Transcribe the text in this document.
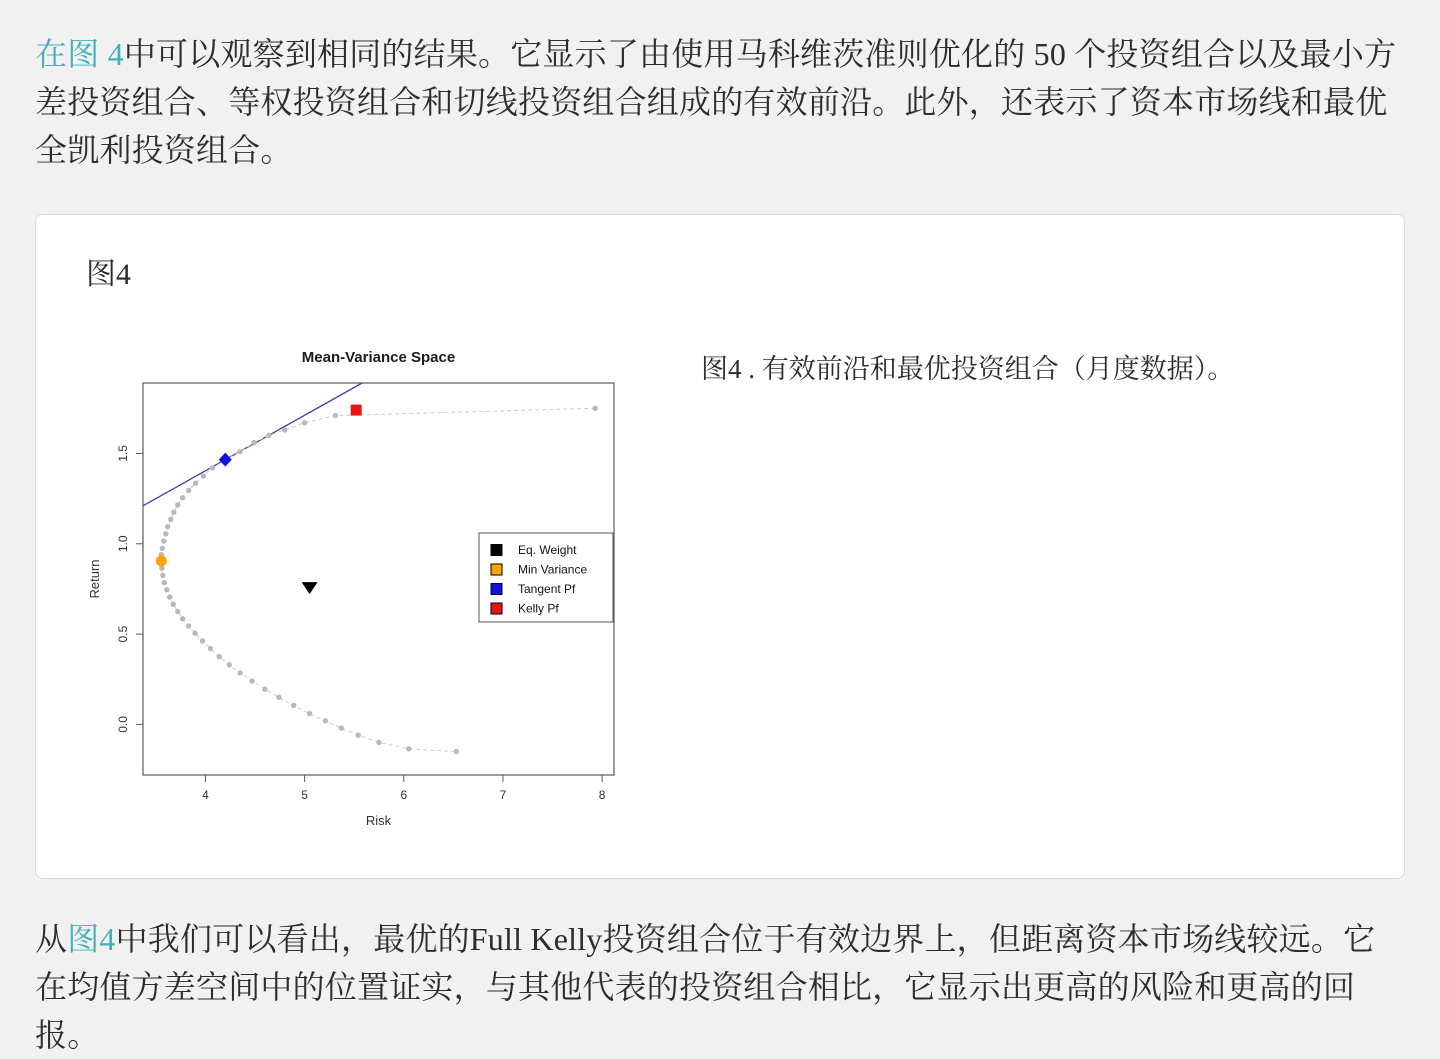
在图 4中可以观察到相同的结果。它显示了由使用马科维茨准则优化的 50 个投资组合以及最小方差投资组合、等权投资组合和切线投资组合组成的有效前沿。此外，还表示了资本市场线和最优全凯利投资组合。

图4
4	5	6	7	8
0.0
0.5
1.0
1.5
Mean-Variance Space
Risk
Return
Eq. Weight
Min Variance
Tangent Pf
Kelly Pf
图4 . 有效前沿和最优投资组合（月度数据）。

从图4中我们可以看出，最优的Full Kelly投资组合位于有效边界上，但距离资本市场线较远。它在均值方差空间中的位置证实，与其他代表的投资组合相比，它显示出更高的风险和更高的回报。
